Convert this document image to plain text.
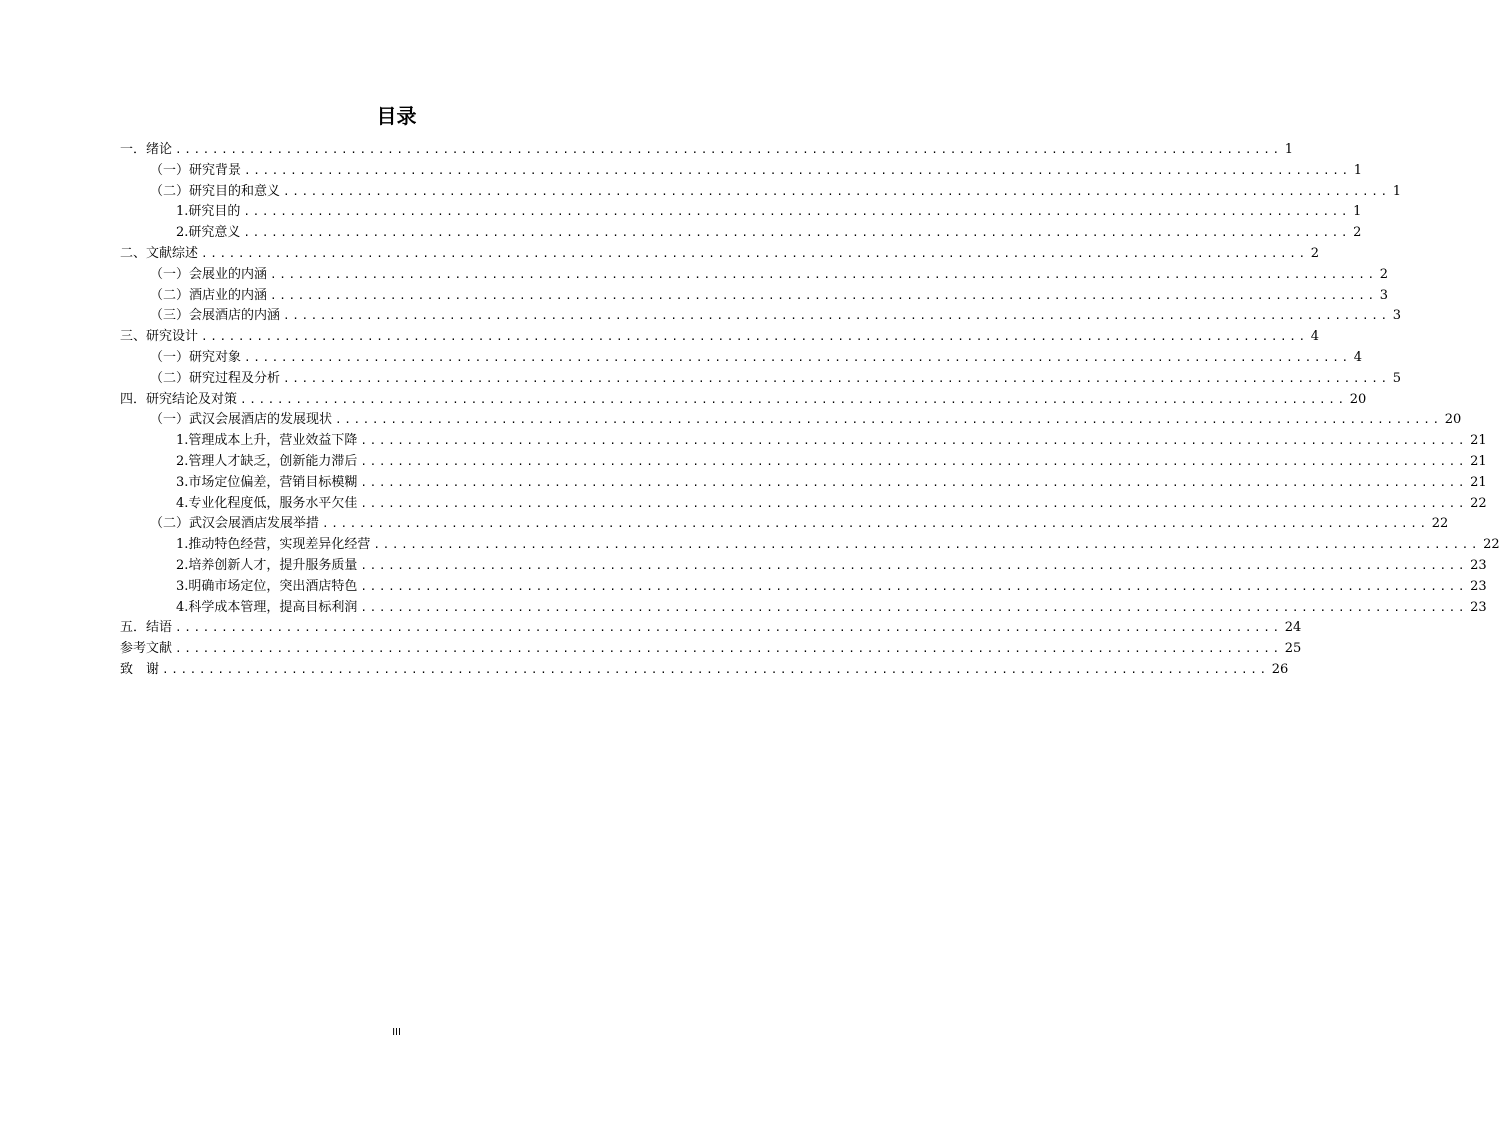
目录
一．绪论 ........................................................................................................................ 1
（一）研究背景 ........................................................................................................................ 1
（二）研究目的和意义 ........................................................................................................................ 1
1.研究目的 ........................................................................................................................ 1
2.研究意义 ........................................................................................................................ 2
二、文献综述 ........................................................................................................................ 2
（一）会展业的内涵 ........................................................................................................................ 2
（二）酒店业的内涵 ........................................................................................................................ 3
（三）会展酒店的内涵 ........................................................................................................................ 3
三、研究设计 ........................................................................................................................ 4
（一）研究对象 ........................................................................................................................ 4
（二）研究过程及分析 ........................................................................................................................ 5
四．研究结论及对策 ........................................................................................................................ 20
（一）武汉会展酒店的发展现状 ........................................................................................................................ 20
1.管理成本上升，营业效益下降 ........................................................................................................................ 21
2.管理人才缺乏，创新能力滞后 ........................................................................................................................ 21
3.市场定位偏差，营销目标模糊 ........................................................................................................................ 21
4.专业化程度低，服务水平欠佳 ........................................................................................................................ 22
（二）武汉会展酒店发展举措 ........................................................................................................................ 22
1.推动特色经营，实现差异化经营 ........................................................................................................................ 22
2.培养创新人才，提升服务质量 ........................................................................................................................ 23
3.明确市场定位，突出酒店特色 ........................................................................................................................ 23
4.科学成本管理，提高目标利润 ........................................................................................................................ 23
五．结语 ........................................................................................................................ 24
参考文献 ........................................................................................................................ 25
致　谢 ........................................................................................................................ 26
III
